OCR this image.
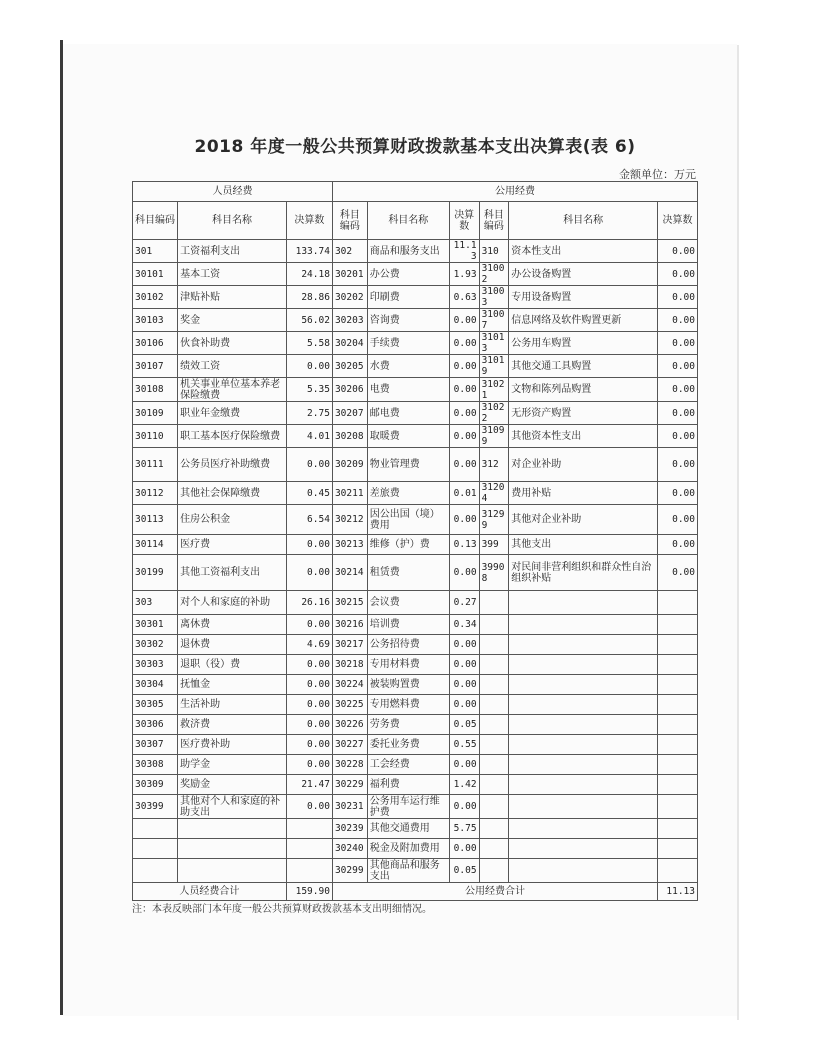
2018 年度一般公共预算财政拨款基本支出决算表(表 6)
金额单位：万元
人员经费			公用经费					
科目编码	科目名称	决算数	科目编码	科目名称	决算数	科目编码	科目名称	决算数
301	工资福利支出	133.74	302	商品和服务支出	11.13	310	资本性支出	0.00
30101	基本工资	24.18	30201	办公费	1.93	31002	办公设备购置	0.00
30102	津贴补贴	28.86	30202	印刷费	0.63	31003	专用设备购置	0.00
30103	奖金	56.02	30203	咨询费	0.00	31007	信息网络及软件购置更新	0.00
30106	伙食补助费	5.58	30204	手续费	0.00	31013	公务用车购置	0.00
30107	绩效工资	0.00	30205	水费	0.00	31019	其他交通工具购置	0.00
30108	机关事业单位基本养老保险缴费	5.35	30206	电费	0.00	31021	文物和陈列品购置	0.00
30109	职业年金缴费	2.75	30207	邮电费	0.00	31022	无形资产购置	0.00
30110	职工基本医疗保险缴费	4.01	30208	取暖费	0.00	31099	其他资本性支出	0.00
30111	公务员医疗补助缴费	0.00	30209	物业管理费	0.00	312	对企业补助	0.00
30112	其他社会保障缴费	0.45	30211	差旅费	0.01	31204	费用补贴	0.00
30113	住房公积金	6.54	30212	因公出国（境）费用	0.00	31299	其他对企业补助	0.00
30114	医疗费	0.00	30213	维修（护）费	0.13	399	其他支出	0.00
30199	其他工资福利支出	0.00	30214	租赁费	0.00	39908	对民间非营利组织和群众性自治组织补贴	0.00
303	对个人和家庭的补助	26.16	30215	会议费	0.27			
30301	离休费	0.00	30216	培训费	0.34			
30302	退休费	4.69	30217	公务招待费	0.00			
30303	退职（役）费	0.00	30218	专用材料费	0.00			
30304	抚恤金	0.00	30224	被装购置费	0.00			
30305	生活补助	0.00	30225	专用燃料费	0.00			
30306	救济费	0.00	30226	劳务费	0.05			
30307	医疗费补助	0.00	30227	委托业务费	0.55			
30308	助学金	0.00	30228	工会经费	0.00			
30309	奖励金	21.47	30229	福利费	1.42			
30399	其他对个人和家庭的补助支出	0.00	30231	公务用车运行维护费	0.00			
			30239	其他交通费用	5.75			
			30240	税金及附加费用	0.00			
			30299	其他商品和服务支出	0.05			
人员经费合计		159.90	公用经费合计					11.13
注：本表反映部门本年度一般公共预算财政拨款基本支出明细情况。
